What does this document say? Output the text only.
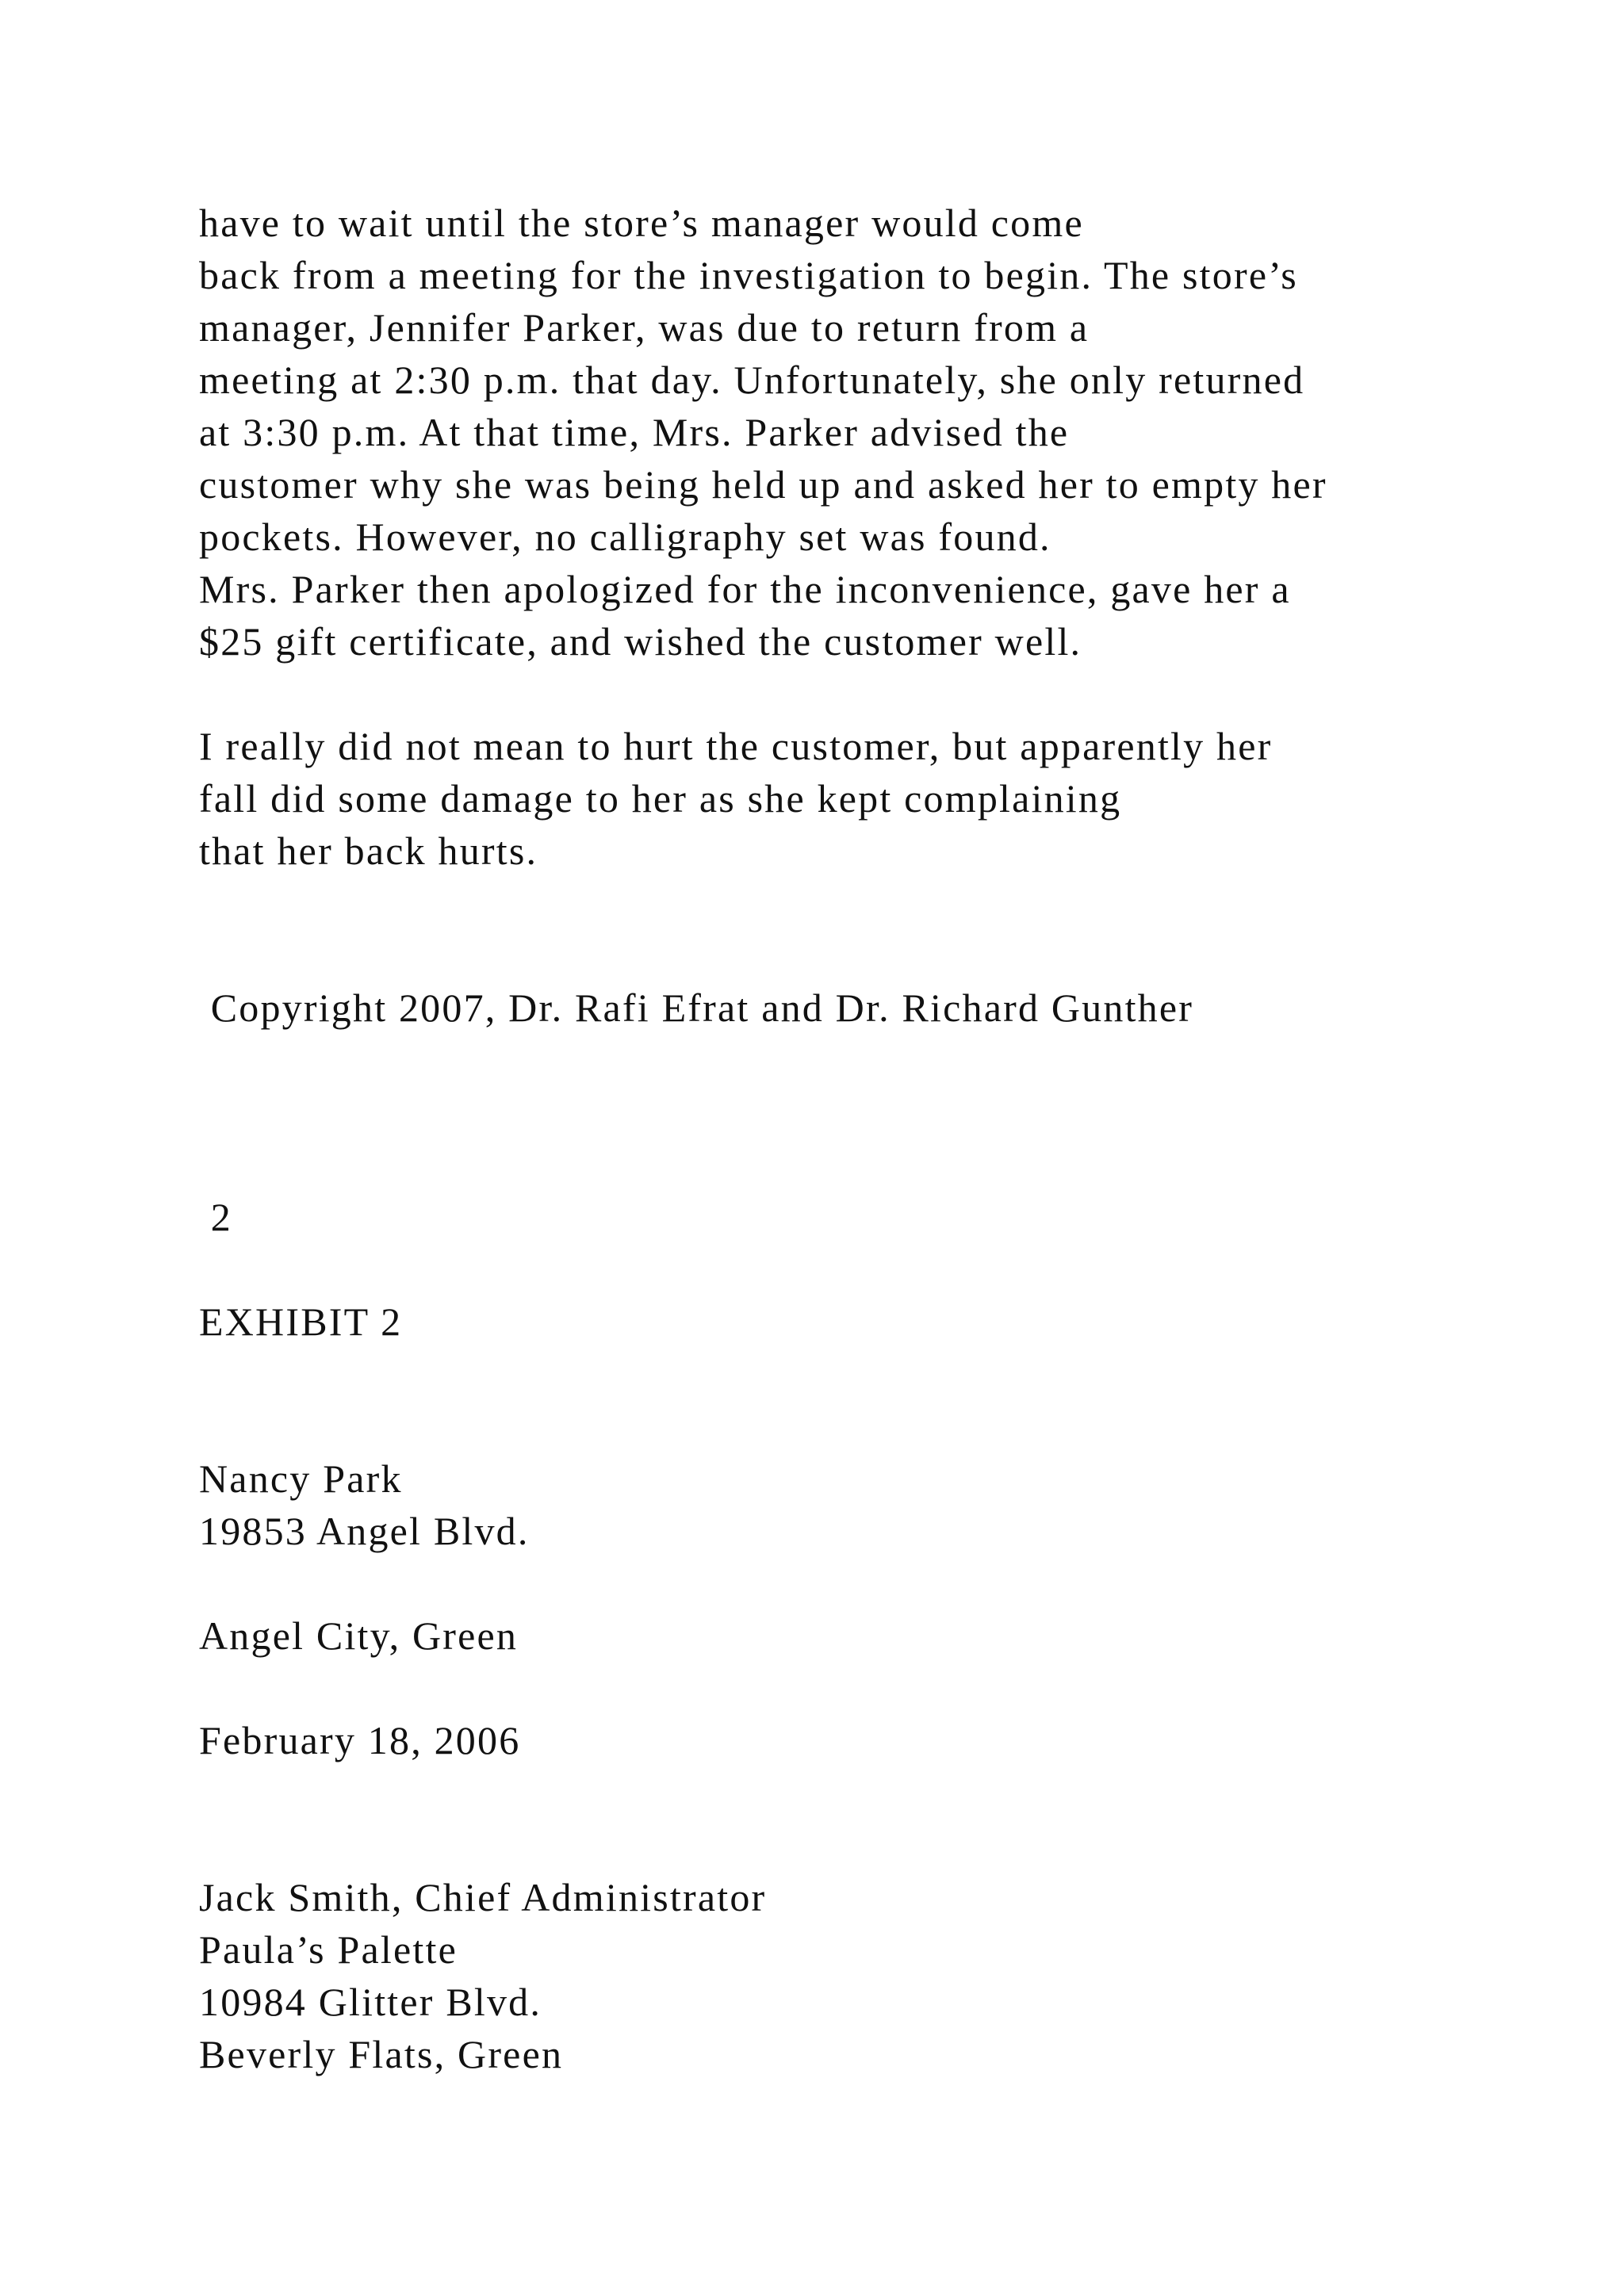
have to wait until the store’s manager would come
back from a meeting for the investigation to begin. The store’s
manager, Jennifer Parker, was due to return from a
meeting at 2:30 p.m. that day. Unfortunately, she only returned
at 3:30 p.m. At that time, Mrs. Parker advised the
customer why she was being held up and asked her to empty her
pockets. However, no calligraphy set was found.
Mrs. Parker then apologized for the inconvenience, gave her a
$25 gift certificate, and wished the customer well.
I really did not mean to hurt the customer, but apparently her
fall did some damage to her as she kept complaining
that her back hurts.
Copyright 2007, Dr. Rafi Efrat and Dr. Richard Gunther
2
EXHIBIT 2
Nancy Park
19853 Angel Blvd.
Angel City, Green
February 18, 2006
Jack Smith, Chief Administrator
Paula’s Palette
10984 Glitter Blvd.
Beverly Flats, Green
